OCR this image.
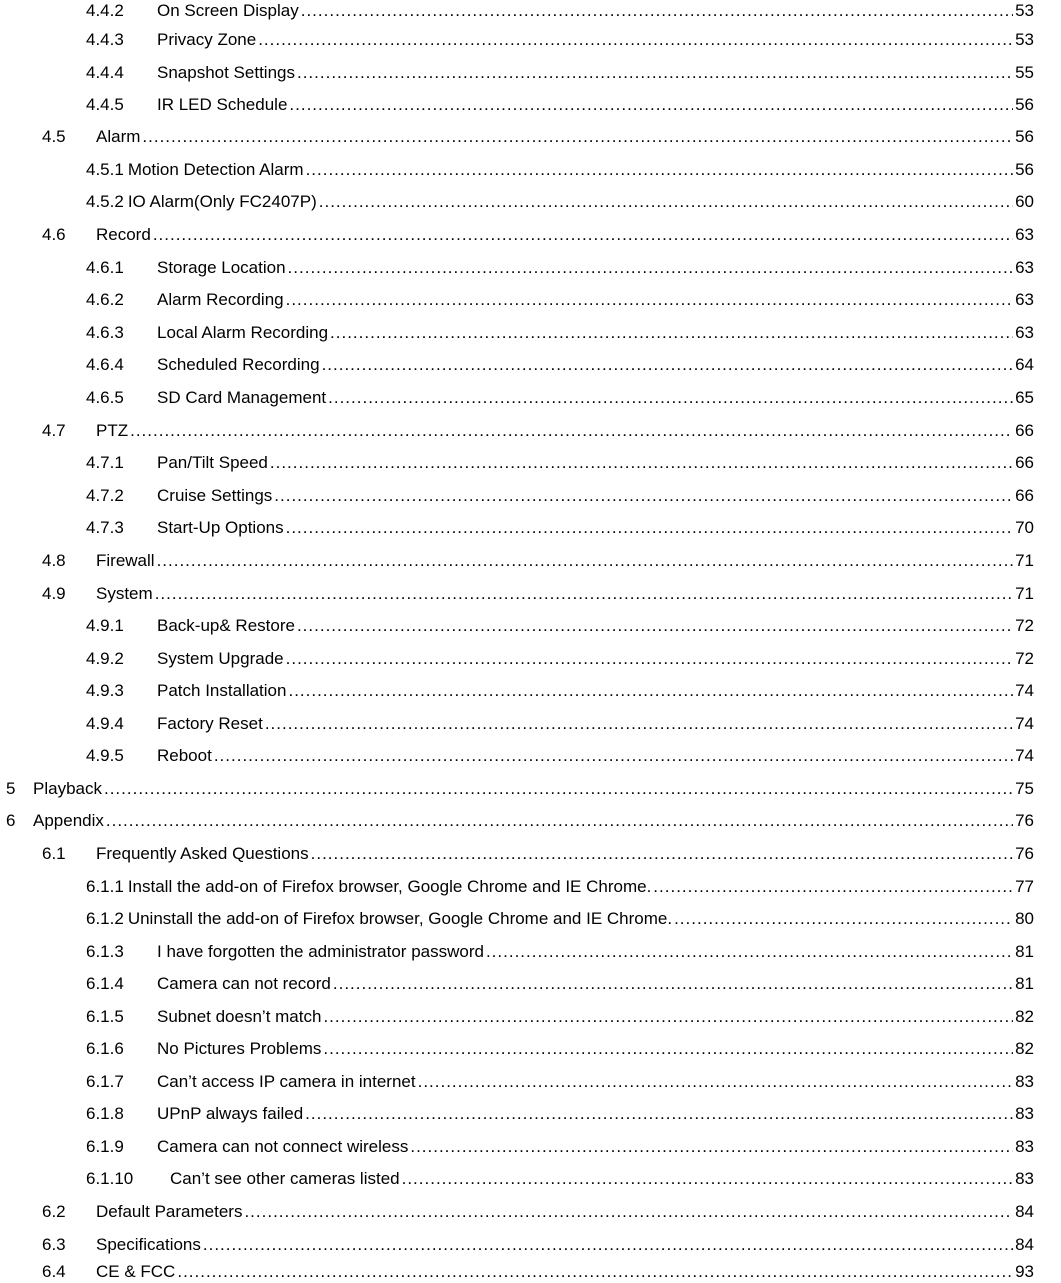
4.4.2	On Screen Display .....	53
4.4.3	Privacy Zone .....	53
4.4.4	Snapshot Settings .....	55
4.4.5	IR LED Schedule .....	56
4.5	Alarm .....	56
4.5.1 Motion Detection Alarm .....	56
4.5.2 IO Alarm(Only FC2407P) .....	60
4.6	Record .....	63
4.6.1	Storage Location .....	63
4.6.2	Alarm Recording .....	63
4.6.3	Local Alarm Recording .....	63
4.6.4	Scheduled Recording .....	64
4.6.5	SD Card Management .....	65
4.7	PTZ .....	66
4.7.1	Pan/Tilt Speed .....	66
4.7.2	Cruise Settings .....	66
4.7.3	Start-Up Options .....	70
4.8	Firewall .....	71
4.9	System .....	71
4.9.1	Back-up& Restore .....	72
4.9.2	System Upgrade .....	72
4.9.3	Patch Installation .....	74
4.9.4	Factory Reset .....	74
4.9.5	Reboot .....	74
5	Playback .....	75
6	Appendix .....	76
6.1	Frequently Asked Questions .....	76
6.1.1 Install the add-on of Firefox browser, Google Chrome and IE Chrome. .....	77
6.1.2 Uninstall the add-on of Firefox browser, Google Chrome and IE Chrome. .....	80
6.1.3	I have forgotten the administrator password .....	81
6.1.4	Camera can not record .....	81
6.1.5	Subnet doesn’t match .....	82
6.1.6	No Pictures Problems .....	82
6.1.7	Can’t access IP camera in internet .....	83
6.1.8	UPnP always failed .....	83
6.1.9	Camera can not connect wireless .....	83
6.1.10	Can’t see other cameras listed .....	83
6.2	Default Parameters .....	84
6.3	Specifications .....	84
6.4	CE & FCC .....	93
